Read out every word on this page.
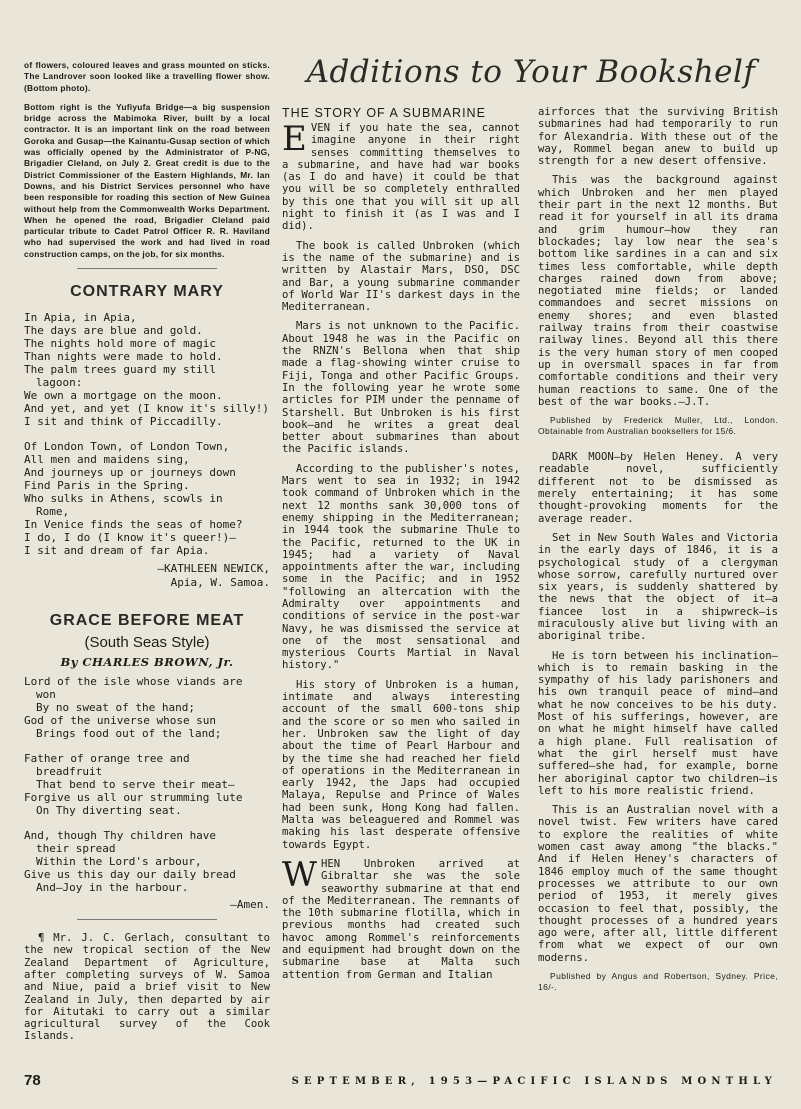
Additions to Your Bookshelf

of flowers, coloured leaves and grass mounted on sticks. The Landrover soon looked like a travelling flower show. (Bottom photo).

Bottom right is the Yufiyufa Bridge—a big suspension bridge across the Mabimoka River, built by a local contractor. It is an important link on the road between Goroka and Gusap—the Kainantu-Gusap section of which was officially opened by the Administrator of P-NG, Brigadier Cleland, on July 2. Great credit is due to the District Commissioner of the Eastern Highlands, Mr. Ian Downs, and his District Services personnel who have been responsible for roading this section of New Guinea without help from the Commonwealth Works Department. When he opened the road, Brigadier Cleland paid particular tribute to Cadet Patrol Officer R. R. Haviland who had supervised the work and had lived in road construction camps, on the job, for six months.

CONTRARY MARY
In Apia, in Apia,
The days are blue and gold.
The nights hold more of magic
Than nights were made to hold.
The palm trees guard my still
lagoon:
We own a mortgage on the moon.
And yet, and yet (I know it's silly!)
I sit and think of Piccadilly.
Of London Town, of London Town,
All men and maidens sing,
And journeys up or journeys down
Find Paris in the Spring.
Who sulks in Athens, scowls in
Rome,
In Venice finds the seas of home?
I do, I do (I know it's queer!)—
I sit and dream of far Apia.

—KATHLEEN NEWICK,

Apia, W. Samoa.

GRACE BEFORE MEAT
(South Seas Style)
By CHARLES BROWN, Jr.
Lord of the isle whose viands are
won
By no sweat of the hand;
God of the universe whose sun
Brings food out of the land;
Father of orange tree and
breadfruit
That bend to serve their meat—
Forgive us all our strumming lute
On Thy diverting seat.
And, though Thy children have
their spread
Within the Lord's arbour,
Give us this day our daily bread
And—Joy in the harbour.

—Amen.

¶ Mr. J. C. Gerlach, consultant to the new tropical section of the New Zealand Department of Agriculture, after completing surveys of W. Samoa and Niue, paid a brief visit to New Zealand in July, then departed by air for Aitutaki to carry out a similar agricultural survey of the Cook Islands.

THE STORY OF A SUBMARINE

EVEN if you hate the sea, cannot imagine anyone in their right senses committing themselves to a submarine, and have had war books (as I do and have) it could be that you will be so completely enthralled by this one that you will sit up all night to finish it (as I was and I did).

The book is called Unbroken (which is the name of the submarine) and is written by Alastair Mars, DSO, DSC and Bar, a young submarine commander of World War II's darkest days in the Mediterranean.

Mars is not unknown to the Pacific. About 1948 he was in the Pacific on the RNZN's Bellona when that ship made a flag-showing winter cruise to Fiji, Tonga and other Pacific Groups. In the following year he wrote some articles for PIM under the penname of Starshell. But Unbroken is his first book—and he writes a great deal better about submarines than about the Pacific islands.

According to the publisher's notes, Mars went to sea in 1932; in 1942 took command of Unbroken which in the next 12 months sank 30,000 tons of enemy shipping in the Mediterranean; in 1944 took the submarine Thule to the Pacific, returned to the UK in 1945; had a variety of Naval appointments after the war, including some in the Pacific; and in 1952 "following an altercation with the Admiralty over appointments and conditions of service in the post-war Navy, he was dismissed the service at one of the most sensational and mysterious Courts Martial in Naval history."

His story of Unbroken is a human, intimate and always interesting account of the small 600-tons ship and the score or so men who sailed in her. Unbroken saw the light of day about the time of Pearl Harbour and by the time she had reached her field of operations in the Mediterranean in early 1942, the Japs had occupied Malaya, Repulse and Prince of Wales had been sunk, Hong Kong had fallen. Malta was beleaguered and Rommel was making his last desperate offensive towards Egypt.

WHEN Unbroken arrived at Gibraltar she was the sole seaworthy submarine at that end of the Mediterranean. The remnants of the 10th submarine flotilla, which in previous months had created such havoc among Rommel's reinforcements and equipment had brought down on the submarine base at Malta such attention from German and Italian

airforces that the surviving British submarines had had temporarily to run for Alexandria. With these out of the way, Rommel began anew to build up strength for a new desert offensive.

This was the background against which Unbroken and her men played their part in the next 12 months. But read it for yourself in all its drama and grim humour—how they ran blockades; lay low near the sea's bottom like sardines in a can and six times less comfortable, while depth charges rained down from above; negotiated mine fields; or landed commandoes and secret missions on enemy shores; and even blasted railway trains from their coastwise railway lines. Beyond all this there is the very human story of men cooped up in oversmall spaces in far from comfortable conditions and their very human reactions to same. One of the best of the war books.—J.T.

Published by Frederick Muller, Ltd., London. Obtainable from Australian booksellers for 15/6.

DARK MOON—by Helen Heney. A very readable novel, sufficiently different not to be dismissed as merely entertaining; it has some thought-provoking moments for the average reader.

Set in New South Wales and Victoria in the early days of 1846, it is a psychological study of a clergyman whose sorrow, carefully nurtured over six years, is suddenly shattered by the news that the object of it—a fiancee lost in a shipwreck—is miraculously alive but living with an aboriginal tribe.

He is torn between his inclination—which is to remain basking in the sympathy of his lady parishoners and his own tranquil peace of mind—and what he now conceives to be his duty. Most of his sufferings, however, are on what he might himself have called a high plane. Full realisation of what the girl herself must have suffered—she had, for example, borne her aboriginal captor two children—is left to his more realistic friend.

This is an Australian novel with a novel twist. Few writers have cared to explore the realities of white women cast away among "the blacks." And if Helen Heney's characters of 1846 employ much of the same thought processes we attribute to our own period of 1953, it merely gives occasion to feel that, possibly, the thought processes of a hundred years ago were, after all, little different from what we expect of our own moderns.

Published by Angus and Robertson, Sydney. Price, 16/-.

78	SEPTEMBER, 1953—PACIFIC ISLANDS MONTHLY
